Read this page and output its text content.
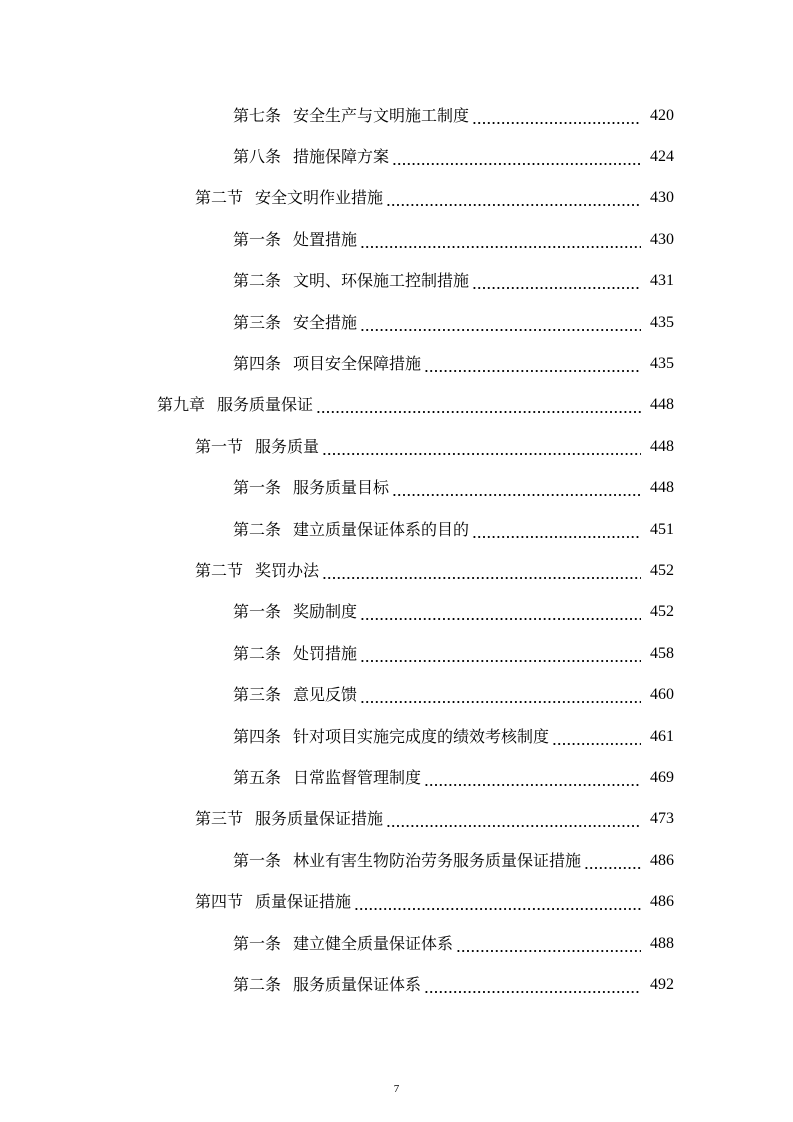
第七条 安全生产与文明施工制度	420
第八条 措施保障方案	424
第二节 安全文明作业措施	430
第一条 处置措施	430
第二条 文明、环保施工控制措施	431
第三条 安全措施	435
第四条 项目安全保障措施	435
第九章 服务质量保证	448
第一节 服务质量	448
第一条 服务质量目标	448
第二条 建立质量保证体系的目的	451
第二节 奖罚办法	452
第一条 奖励制度	452
第二条 处罚措施	458
第三条 意见反馈	460
第四条 针对项目实施完成度的绩效考核制度	461
第五条 日常监督管理制度	469
第三节 服务质量保证措施	473
第一条 林业有害生物防治劳务服务质量保证措施	486
第四节 质量保证措施	486
第一条 建立健全质量保证体系	488
第二条 服务质量保证体系	492
7
